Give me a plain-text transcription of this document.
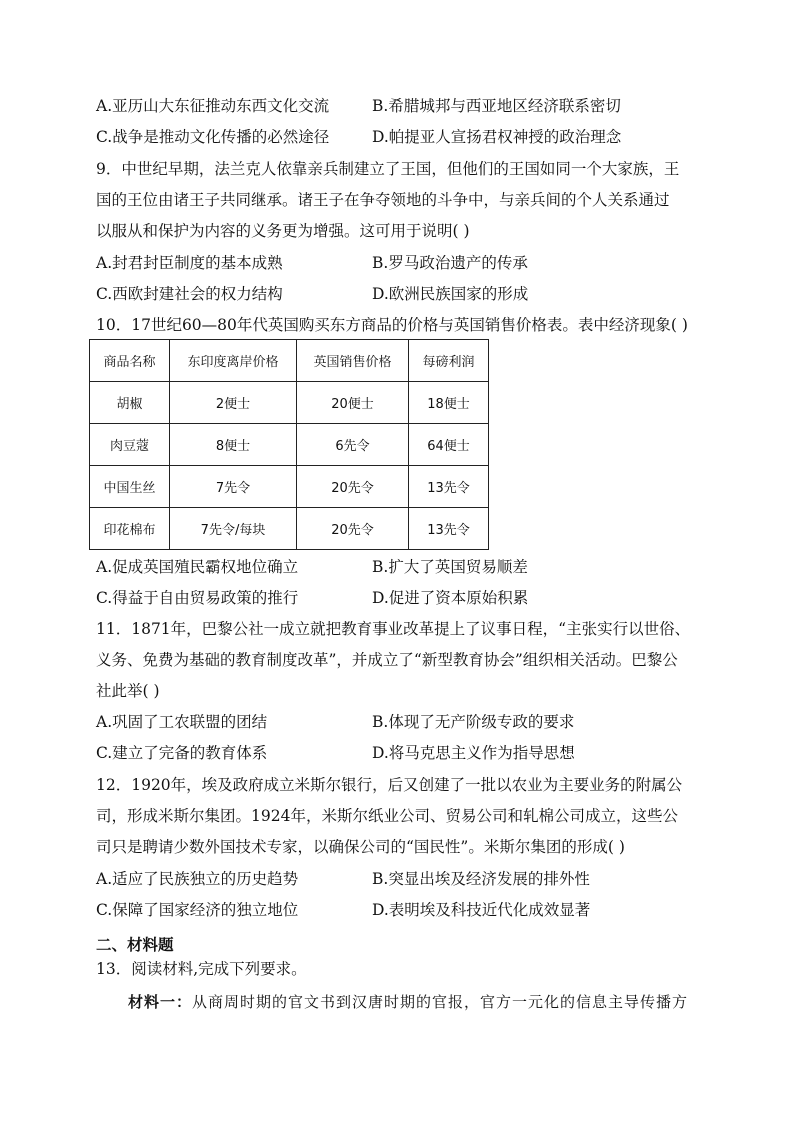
A.亚历山大东征推动东西文化交流	B.希腊城邦与西亚地区经济联系密切
C.战争是推动文化传播的必然途径	D.帕提亚人宣扬君权神授的政治理念
9．中世纪早期，法兰克人依靠亲兵制建立了王国，但他们的王国如同一个大家族，王
国的王位由诸王子共同继承。诸王子在争夺领地的斗争中，与亲兵间的个人关系通过
以服从和保护为内容的义务更为增强。这可用于说明( )
A.封君封臣制度的基本成熟	B.罗马政治遗产的传承
C.西欧封建社会的权力结构	D.欧洲民族国家的形成
10．17世纪60—80年代英国购买东方商品的价格与英国销售价格表。表中经济现象( )
商品名称	东印度离岸价格	英国销售价格	每磅利润
胡椒	2便士	20便士	18便士
肉豆蔻	8便士	6先令	64便士
中国生丝	7先令	20先令	13先令
印花棉布	7先令/每块	20先令	13先令
A.促成英国殖民霸权地位确立	B.扩大了英国贸易顺差
C.得益于自由贸易政策的推行	D.促进了资本原始积累
11．1871年，巴黎公社一成立就把教育事业改革提上了议事日程，“主张实行以世俗、
义务、免费为基础的教育制度改革”，并成立了“新型教育协会”组织相关活动。巴黎公
社此举( )
A.巩固了工农联盟的团结	B.体现了无产阶级专政的要求
C.建立了完备的教育体系	D.将马克思主义作为指导思想
12．1920年，埃及政府成立米斯尔银行，后又创建了一批以农业为主要业务的附属公
司，形成米斯尔集团。1924年，米斯尔纸业公司、贸易公司和轧棉公司成立，这些公
司只是聘请少数外国技术专家，以确保公司的“国民性”。米斯尔集团的形成( )
A.适应了民族独立的历史趋势	B.突显出埃及经济发展的排外性
C.保障了国家经济的独立地位	D.表明埃及科技近代化成效显著
二、材料题
13．阅读材料,完成下列要求。
材料一：从商周时期的官文书到汉唐时期的官报，官方一元化的信息主导传播方
